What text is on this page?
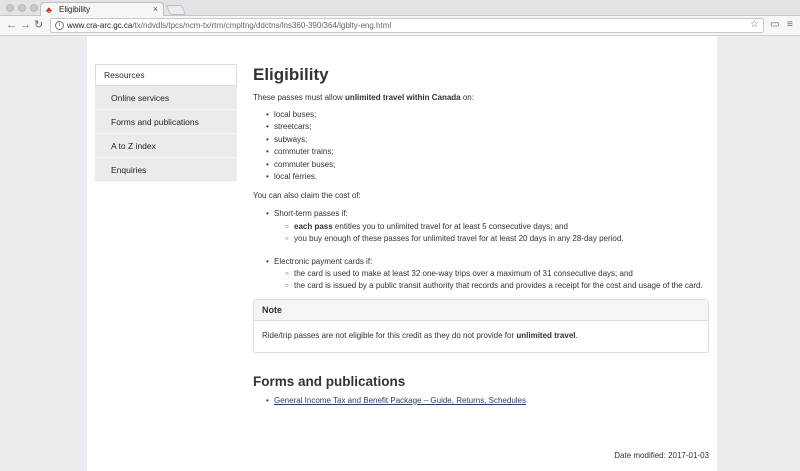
♣ Eligibility	×
← → ↻	i www.cra-arc.gc.ca/tx/ndvdls/tpcs/ncm-tx/rtrn/cmpltng/ddctns/lns360-390/364/lgblty-eng.html	☆ ▭ ≡
Resources
Online services
Forms and publications
A to Z index
Enquiries
Eligibility

These passes must allow unlimited travel within Canada on:

• local buses;
• streetcars;
• subways;
• commuter trains;
• commuter buses;
• local ferries.

You can also claim the cost of:

• Short-term passes if:
○ each pass entitles you to unlimited travel for at least 5 consecutive days; and
○ you buy enough of these passes for unlimited travel for at least 20 days in any 28-day period.
• Electronic payment cards if:
○ the card is used to make at least 32 one-way trips over a maximum of 31 consecutive days; and
○ the card is issued by a public transit authority that records and provides a receipt for the cost and usage of the card.
Note
Ride/trip passes are not eligible for this credit as they do not provide for unlimited travel.
Forms and publications
• General Income Tax and Benefit Package – Guide, Returns, Schedules
Date modified: 2017-01-03
